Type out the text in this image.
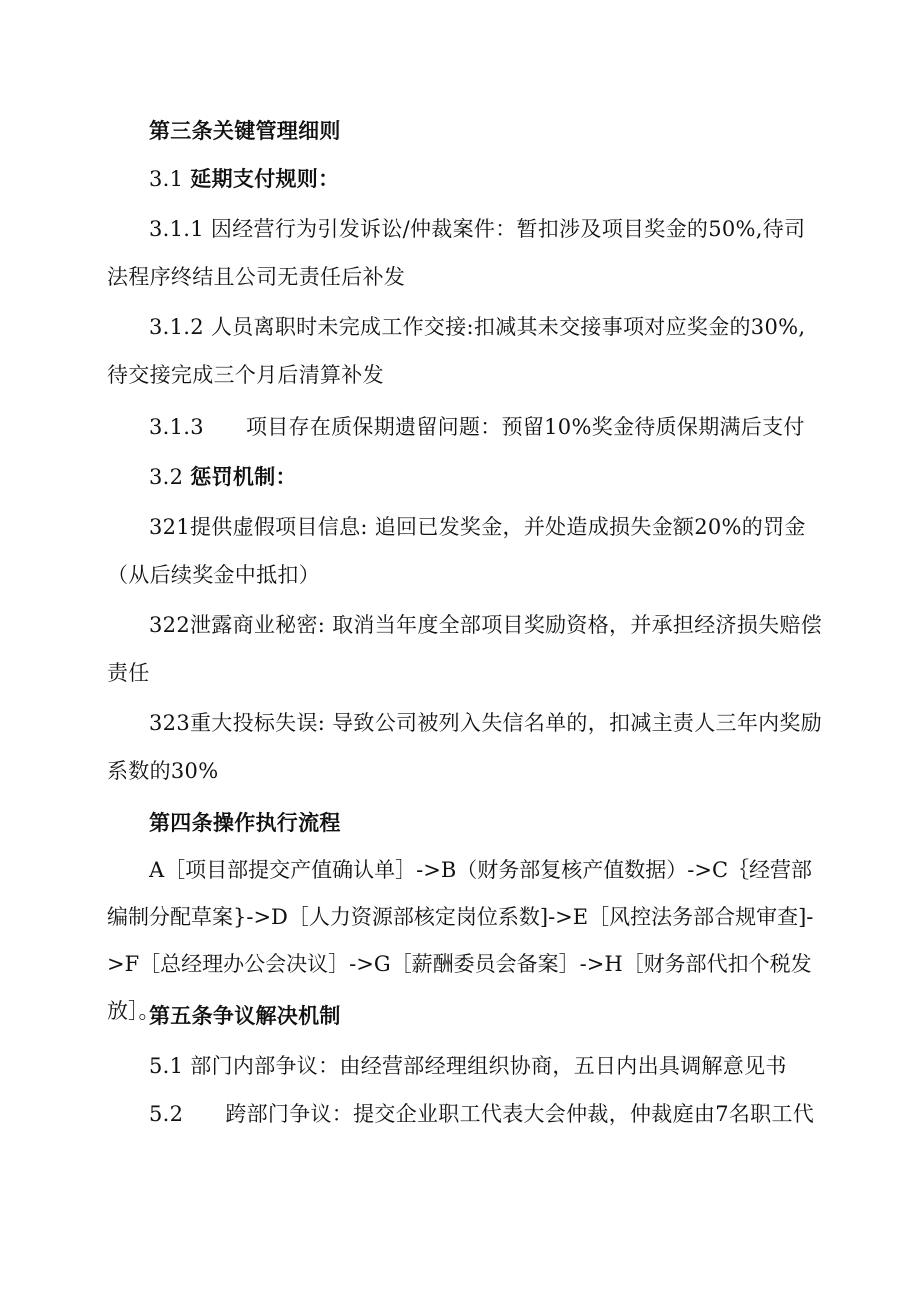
第三条关键管理细则

3.1 延期支付规则：

3.1.1 因经营行为引发诉讼/仲裁案件：暂扣涉及项目奖金的50%,待司法程序终结且公司无责任后补发

3.1.2 人员离职时未完成工作交接:扣减其未交接事项对应奖金的30%,待交接完成三个月后清算补发

3.1.3 项目存在质保期遗留问题：预留10%奖金待质保期满后支付

3.2 惩罚机制：

321提供虚假项目信息: 追回已发奖金，并处造成损失金额20%的罚金（从后续奖金中抵扣）

322泄露商业秘密: 取消当年度全部项目奖励资格，并承担经济损失赔偿责任

323重大投标失误: 导致公司被列入失信名单的，扣减主责人三年内奖励系数的30%

第四条操作执行流程

A［项目部提交产值确认单］->B（财务部复核产值数据）->C｛经营部编制分配草案}->D［人力资源部核定岗位系数]->E［风控法务部合规审查]->F［总经理办公会决议］->G［薪酬委员会备案］->H［财务部代扣个税发放］。

第五条争议解决机制

5.1 部门内部争议：由经营部经理组织协商，五日内出具调解意见书

5.2 跨部门争议：提交企业职工代表大会仲裁，仲裁庭由7名职工代
